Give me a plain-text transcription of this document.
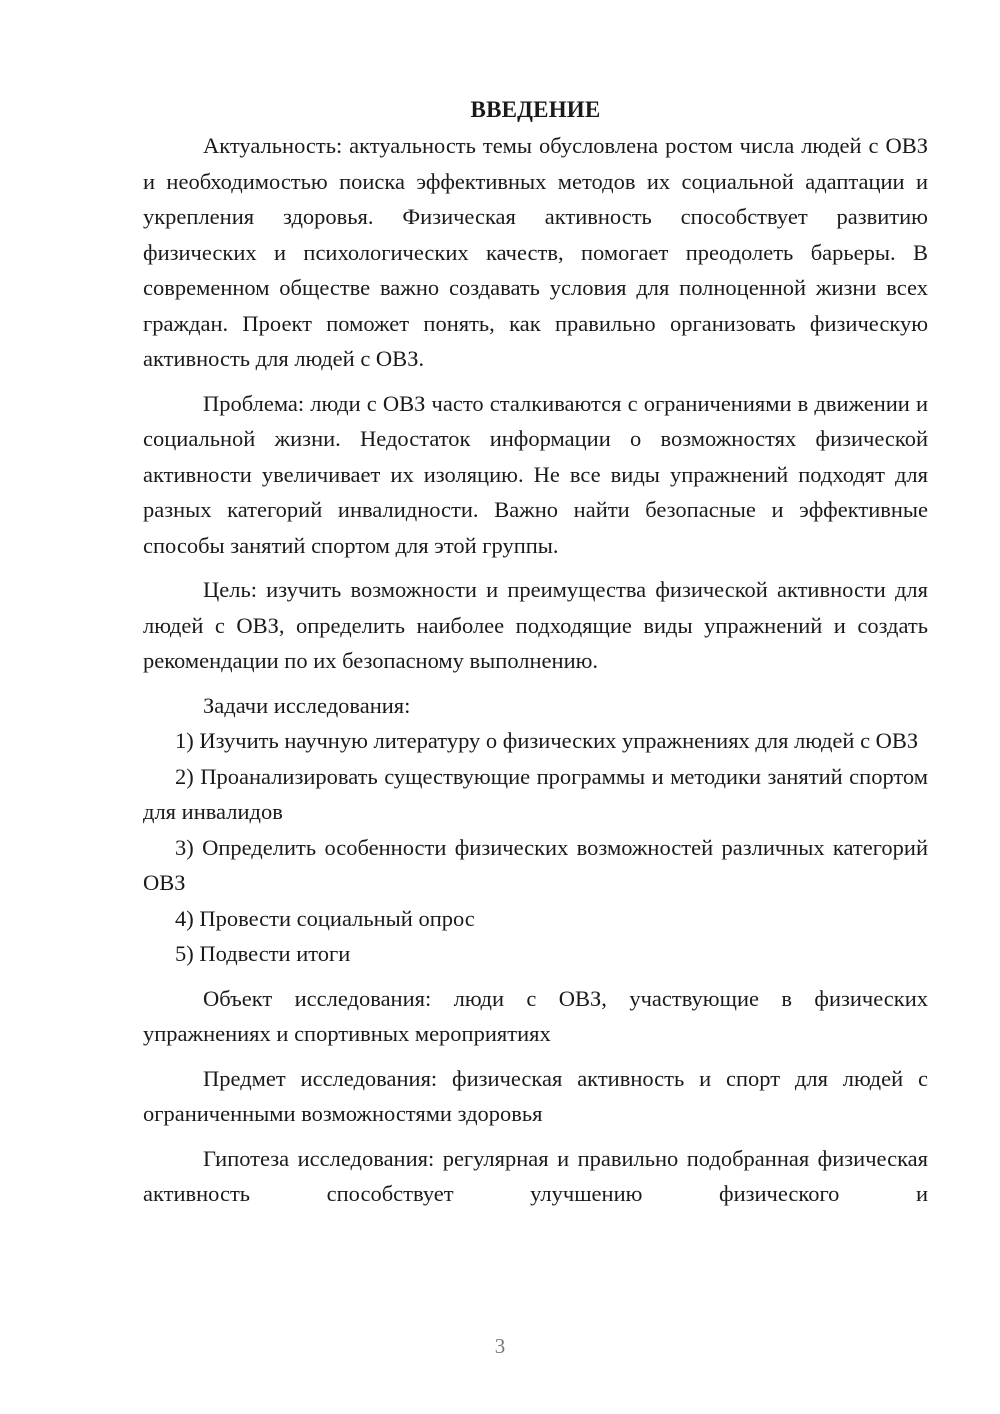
ВВЕДЕНИЕ

Актуальность: актуальность темы обусловлена ростом числа людей с ОВЗ и необходимостью поиска эффективных методов их социальной адаптации и укрепления здоровья. Физическая активность способствует развитию физических и психологических качеств, помогает преодолеть барьеры. В современном обществе важно создавать условия для полноценной жизни всех граждан. Проект поможет понять, как правильно организовать физическую активность для людей с ОВЗ.

Проблема: люди с ОВЗ часто сталкиваются с ограничениями в движении и социальной жизни. Недостаток информации о возможностях физической активности увеличивает их изоляцию. Не все виды упражнений подходят для разных категорий инвалидности. Важно найти безопасные и эффективные способы занятий спортом для этой группы.

Цель: изучить возможности и преимущества физической активности для людей с ОВЗ, определить наиболее подходящие виды упражнений и создать рекомендации по их безопасному выполнению.

Задачи исследования:

1) Изучить научную литературу о физических упражнениях для людей с ОВЗ

2) Проанализировать существующие программы и методики занятий спортом для инвалидов

3) Определить особенности физических возможностей различных категорий ОВЗ

4) Провести социальный опрос

5) Подвести итоги

Объект исследования: люди с ОВЗ, участвующие в физических упражнениях и спортивных мероприятиях

Предмет исследования: физическая активность и спорт для людей с ограниченными возможностями здоровья

Гипотеза исследования: регулярная и правильно подобранная физическая активность способствует улучшению физического и

3
